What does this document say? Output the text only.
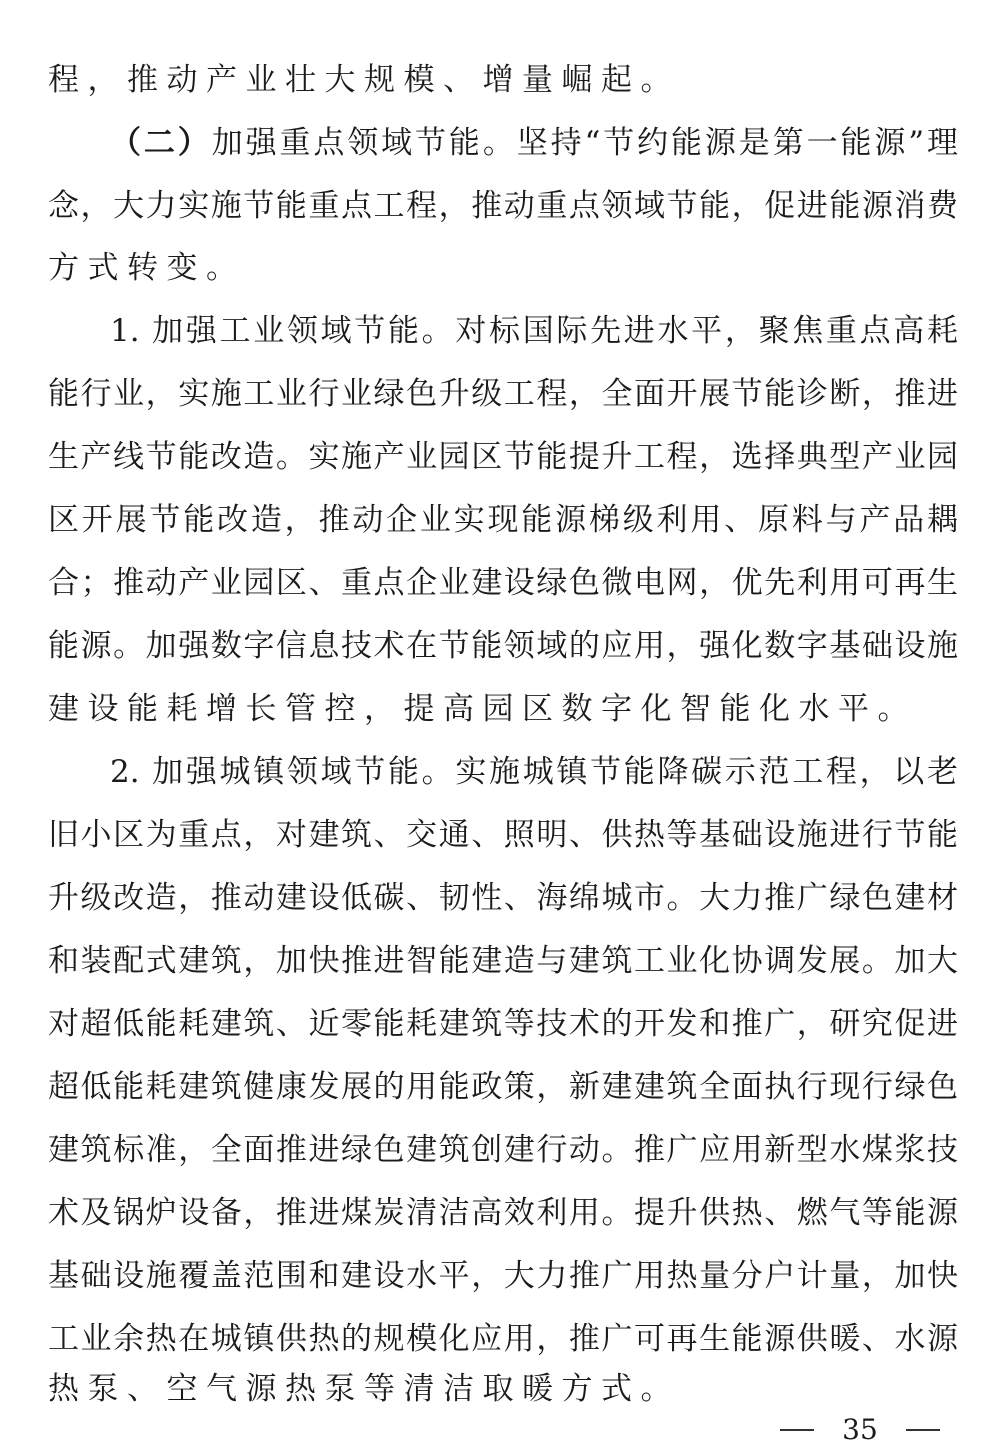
程，推动产业壮大规模、增量崛起。
（二）加强重点领域节能。坚持“节约能源是第一能源”理
念，大力实施节能重点工程，推动重点领域节能，促进能源消费
方式转变。
1. 加强工业领域节能。对标国际先进水平，聚焦重点高耗
能行业，实施工业行业绿色升级工程，全面开展节能诊断，推进
生产线节能改造。实施产业园区节能提升工程，选择典型产业园
区开展节能改造，推动企业实现能源梯级利用、原料与产品耦
合；推动产业园区、重点企业建设绿色微电网，优先利用可再生
能源。加强数字信息技术在节能领域的应用，强化数字基础设施
建设能耗增长管控，提高园区数字化智能化水平。
2. 加强城镇领域节能。实施城镇节能降碳示范工程，以老
旧小区为重点，对建筑、交通、照明、供热等基础设施进行节能
升级改造，推动建设低碳、韧性、海绵城市。大力推广绿色建材
和装配式建筑，加快推进智能建造与建筑工业化协调发展。加大
对超低能耗建筑、近零能耗建筑等技术的开发和推广，研究促进
超低能耗建筑健康发展的用能政策，新建建筑全面执行现行绿色
建筑标准，全面推进绿色建筑创建行动。推广应用新型水煤浆技
术及锅炉设备，推进煤炭清洁高效利用。提升供热、燃气等能源
基础设施覆盖范围和建设水平，大力推广用热量分户计量，加快
工业余热在城镇供热的规模化应用，推广可再生能源供暖、水源
热泵、空气源热泵等清洁取暖方式。
35
